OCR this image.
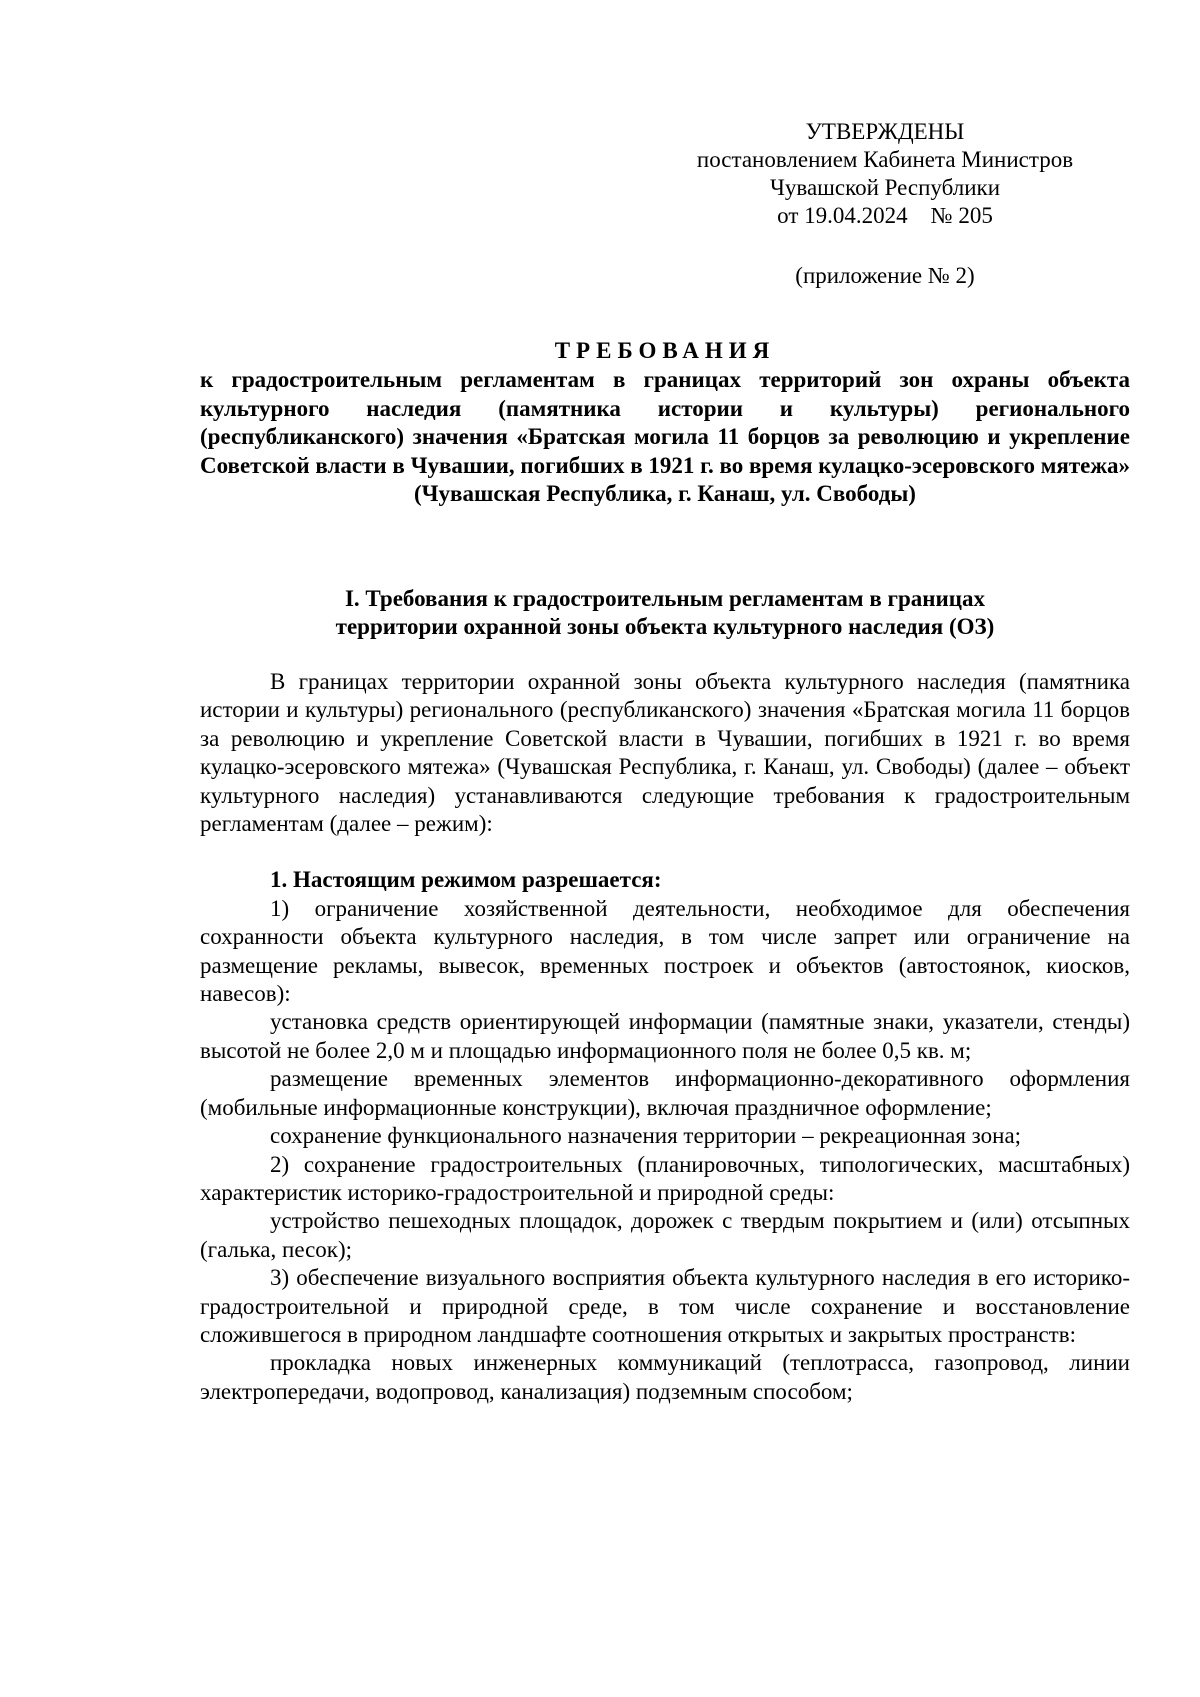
УТВЕРЖДЕНЫ
постановлением Кабинета Министров
Чувашской Республики
от 19.04.2024    № 205
(приложение № 2)
ТРЕБОВАНИЯ
к градостроительным регламентам в границах территорий зон охраны объекта культурного наследия (памятника истории и культуры) регионального (республиканского) значения «Братская могила 11 борцов за революцию и укрепление Советской власти в Чувашии, погибших в 1921 г. во время кулацко-эсеровского мятежа» (Чувашская Республика, г. Канаш, ул. Свободы)
I. Требования к градостроительным регламентам в границах
территории охранной зоны объекта культурного наследия (ОЗ)

В границах территории охранной зоны объекта культурного наследия (памятника истории и культуры) регионального (республиканского) значения «Братская могила 11 борцов за революцию и укрепление Советской власти в Чувашии, погибших в 1921 г. во время кулацко-эсеровского мятежа» (Чувашская Республика, г. Канаш, ул. Свободы) (далее – объект культурного наследия) устанавливаются следующие требования к градостроительным регламентам (далее – режим):

1. Настоящим режимом разрешается:

1) ограничение хозяйственной деятельности, необходимое для обеспечения сохранности объекта культурного наследия, в том числе запрет или ограничение на размещение рекламы, вывесок, временных построек и объектов (автостоянок, киосков, навесов):

установка средств ориентирующей информации (памятные знаки, указатели, стенды) высотой не более 2,0 м и площадью информационного поля не более 0,5 кв. м;

размещение временных элементов информационно-декоративного оформления (мобильные информационные конструкции), включая праздничное оформление;

сохранение функционального назначения территории – рекреационная зона;

2) сохранение градостроительных (планировочных, типологических, масштабных) характеристик историко-градостроительной и природной среды:

устройство пешеходных площадок, дорожек с твердым покрытием и (или) отсыпных (галька, песок);

3) обеспечение визуального восприятия объекта культурного наследия в его историко-градостроительной и природной среде, в том числе сохранение и восстановление сложившегося в природном ландшафте соотношения открытых и закрытых пространств:

прокладка новых инженерных коммуникаций (теплотрасса, газопровод, линии электропередачи, водопровод, канализация) подземным способом;
